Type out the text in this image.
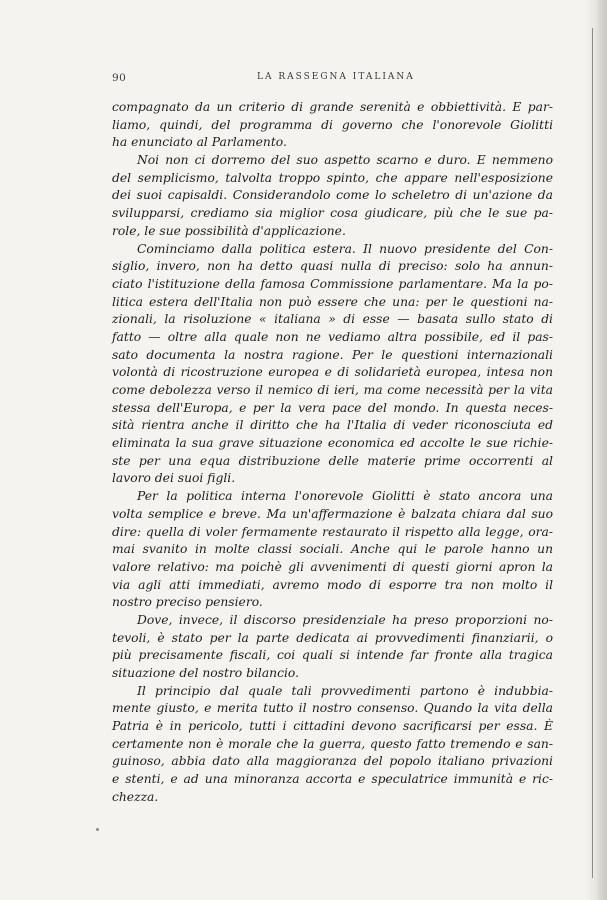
90	LA RASSEGNA ITALIANA
compagnato da un criterio di grande serenità e obbiettività. E par-
liamo, quindi, del programma di governo che l'onorevole Giolitti
ha enunciato al Parlamento.
Noi non ci dorremo del suo aspetto scarno e duro. E nemmeno
del semplicismo, talvolta troppo spinto, che appare nell'esposizione
dei suoi capisaldi. Considerandolo come lo scheletro di un'azione da
svilupparsi, crediamo sia miglior cosa giudicare, più che le sue pa-
role, le sue possibilità d'applicazione.
Cominciamo dalla politica estera. Il nuovo presidente del Con-
siglio, invero, non ha detto quasi nulla di preciso: solo ha annun-
ciato l'istituzione della famosa Commissione parlamentare. Ma la po-
litica estera dell'Italia non può essere che una: per le questioni na-
zionali, la risoluzione « italiana » di esse — basata sullo stato di
fatto — oltre alla quale non ne vediamo altra possibile, ed il pas-
sato documenta la nostra ragione. Per le questioni internazionali
volontà di ricostruzione europea e di solidarietà europea, intesa non
come debolezza verso il nemico di ieri, ma come necessità per la vita
stessa dell'Europa, e per la vera pace del mondo. In questa neces-
sità rientra anche il diritto che ha l'Italia di veder riconosciuta ed
eliminata la sua grave situazione economica ed accolte le sue richie-
ste per una equa distribuzione delle materie prime occorrenti al
lavoro dei suoi figli.
Per la politica interna l'onorevole Giolitti è stato ancora una
volta semplice e breve. Ma un'affermazione è balzata chiara dal suo
dire: quella di voler fermamente restaurato il rispetto alla legge, ora-
mai svanito in molte classi sociali. Anche qui le parole hanno un
valore relativo: ma poichè gli avvenimenti di questi giorni apron la
via agli atti immediati, avremo modo di esporre tra non molto il
nostro preciso pensiero.
Dove, invece, il discorso presidenziale ha preso proporzioni no-
tevoli, è stato per la parte dedicata ai provvedimenti finanziarii, o
più precisamente fiscali, coi quali si intende far fronte alla tragica
situazione del nostro bilancio.
Il principio dal quale tali provvedimenti partono è indubbia-
mente giusto, e merita tutto il nostro consenso. Quando la vita della
Patria è in pericolo, tutti i cittadini devono sacrificarsi per essa. È
certamente non è morale che la guerra, questo fatto tremendo e san-
guinoso, abbia dato alla maggioranza del popolo italiano privazioni
e stenti, e ad una minoranza accorta e speculatrice immunità e ric-
chezza.
